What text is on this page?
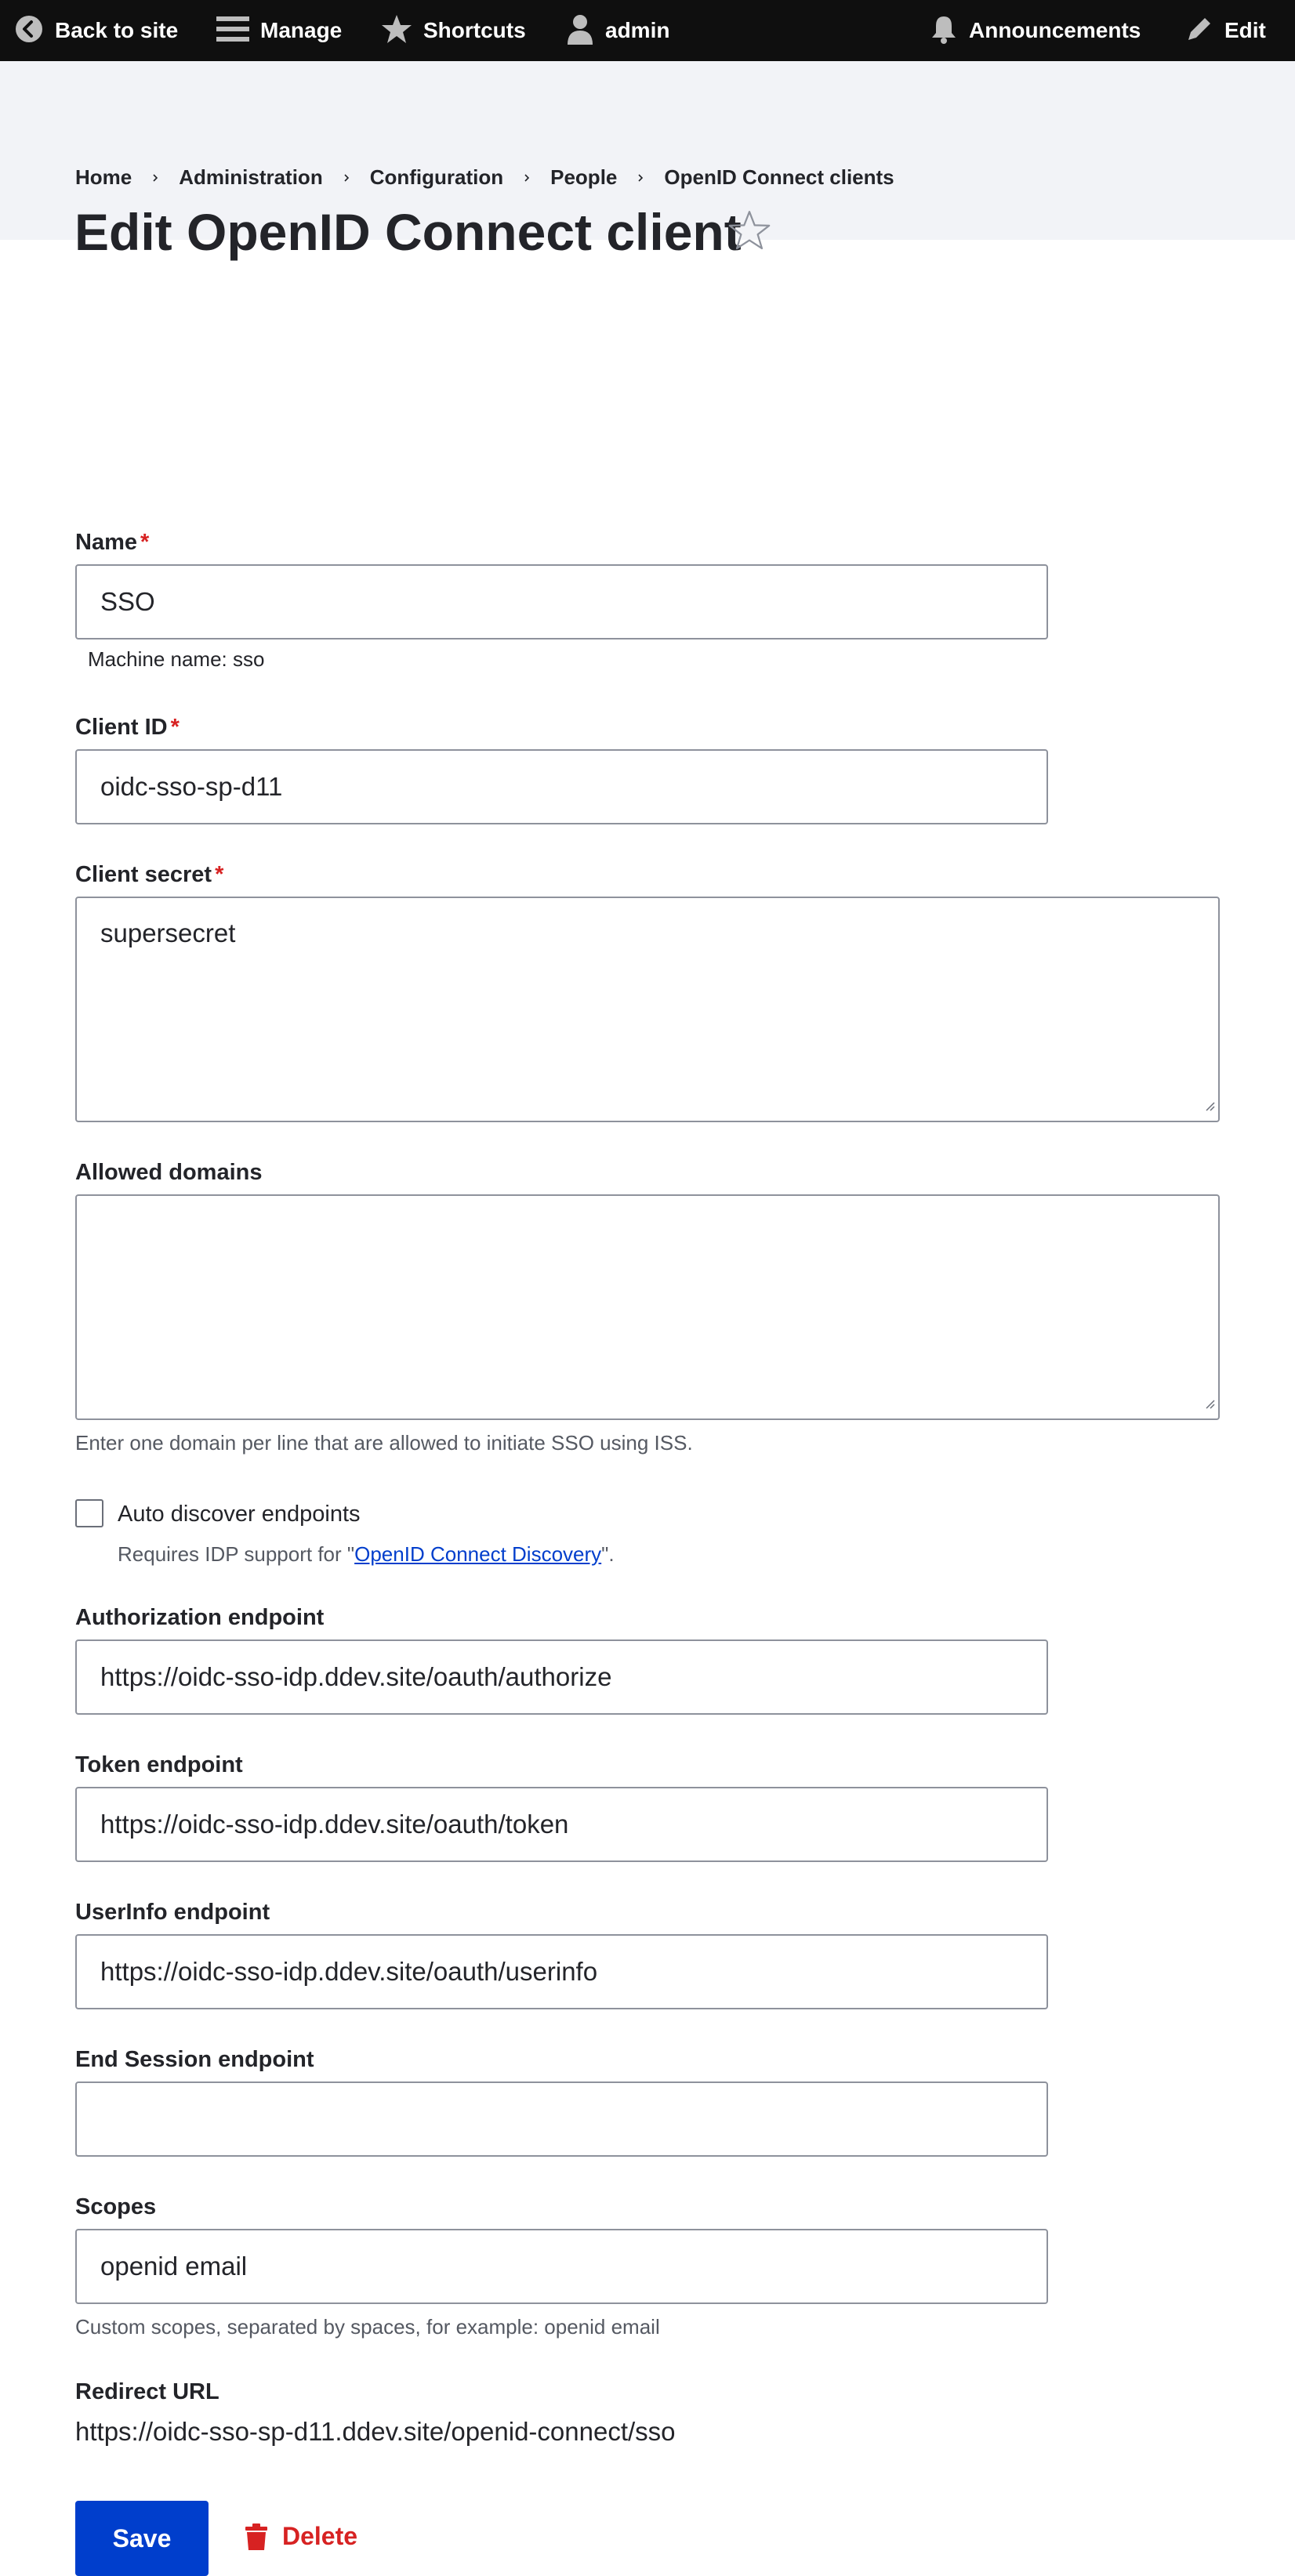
Back to site	Manage	Shortcuts	admin	Announcements	Edit
Home Administration Configuration People OpenID Connect clients
Edit OpenID Connect client
Name *
SSO
Machine name: sso
Client ID *
oidc-sso-sp-d11
Client secret *
supersecret
Allowed domains
Enter one domain per line that are allowed to initiate SSO using ISS.
Auto discover endpoints
Requires IDP support for "OpenID Connect Discovery".
Authorization endpoint
https://oidc-sso-idp.ddev.site/oauth/authorize
Token endpoint
https://oidc-sso-idp.ddev.site/oauth/token
UserInfo endpoint
https://oidc-sso-idp.ddev.site/oauth/userinfo
End Session endpoint
Scopes
openid email
Custom scopes, separated by spaces, for example: openid email
Redirect URL
https://oidc-sso-sp-d11.ddev.site/openid-connect/sso
Save	Delete
